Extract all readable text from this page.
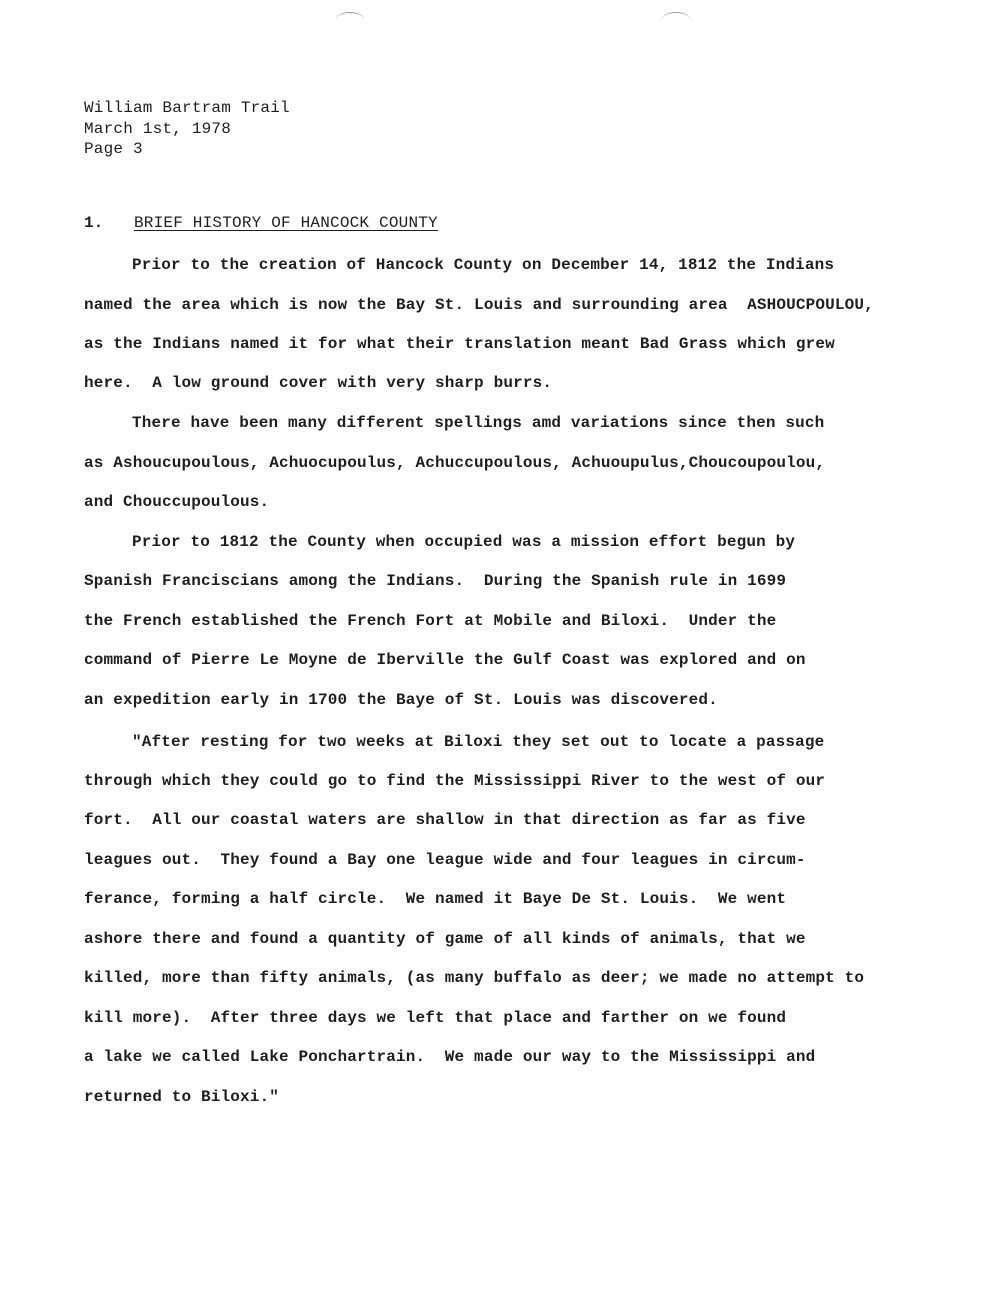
William Bartram Trail
March 1st, 1978
Page 3
1. BRIEF HISTORY OF HANCOCK COUNTY
Prior to the creation of Hancock County on December 14, 1812 the Indians
named the area which is now the Bay St. Louis and surrounding area  ASHOUCPOULOU,
as the Indians named it for what their translation meant Bad Grass which grew
here.  A low ground cover with very sharp burrs.
There have been many different spellings amd variations since then such
as Ashoucupoulous, Achuocupoulus, Achuccupoulous, Achuoupulus,Choucoupoulou,
and Chouccupoulous.
Prior to 1812 the County when occupied was a mission effort begun by
Spanish Franciscians among the Indians.  During the Spanish rule in 1699
the French established the French Fort at Mobile and Biloxi.  Under the
command of Pierre Le Moyne de Iberville the Gulf Coast was explored and on
an expedition early in 1700 the Baye of St. Louis was discovered.
"After resting for two weeks at Biloxi they set out to locate a passage
through which they could go to find the Mississippi River to the west of our
fort.  All our coastal waters are shallow in that direction as far as five
leagues out.  They found a Bay one league wide and four leagues in circum-
ferance, forming a half circle.  We named it Baye De St. Louis.  We went
ashore there and found a quantity of game of all kinds of animals, that we
killed, more than fifty animals, (as many buffalo as deer; we made no attempt to
kill more).  After three days we left that place and farther on we found
a lake we called Lake Ponchartrain.  We made our way to the Mississippi and
returned to Biloxi."
